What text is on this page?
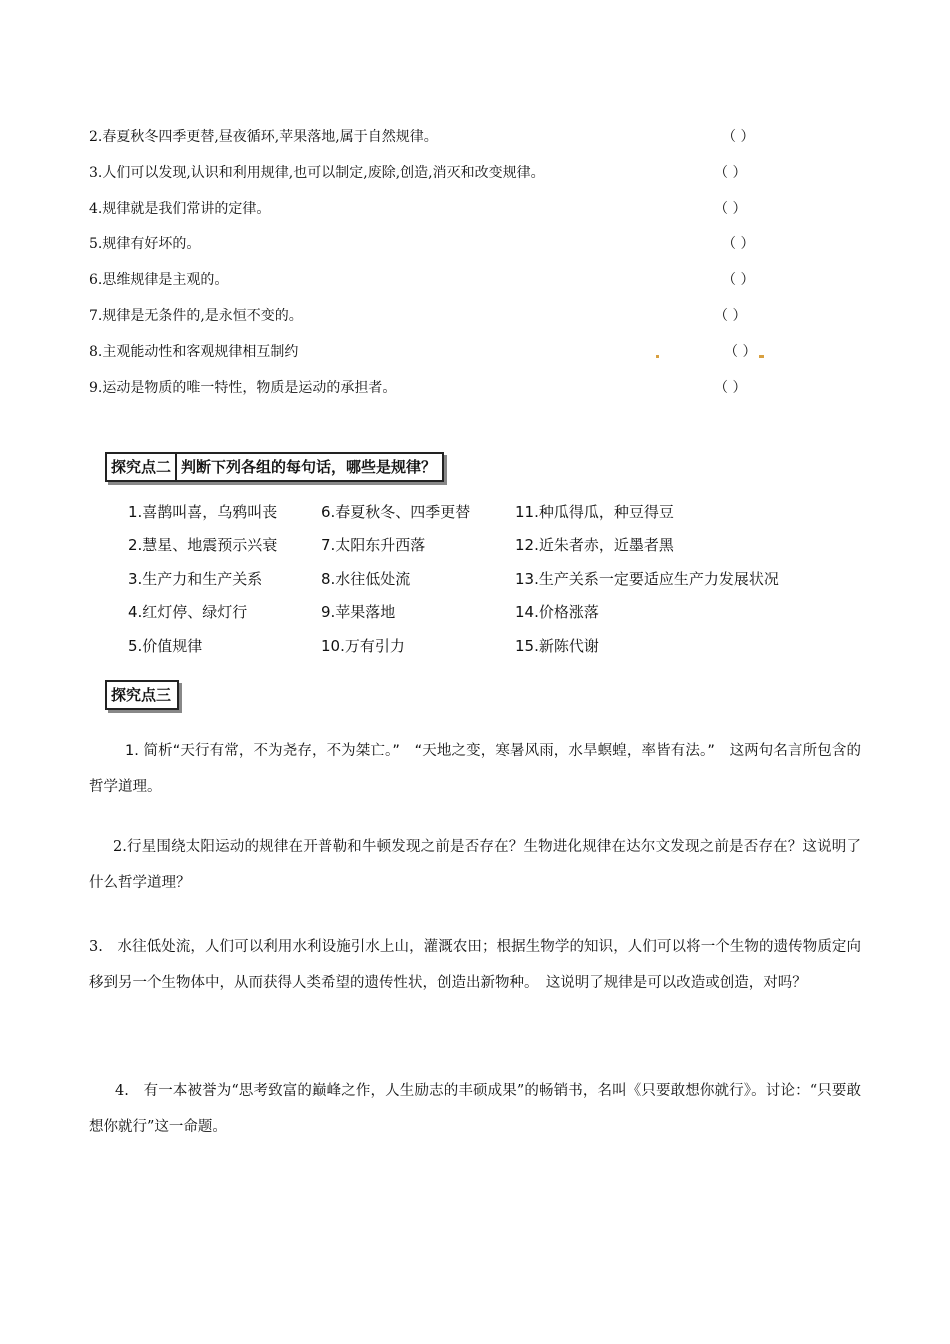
2.春夏秋冬四季更替,昼夜循环,苹果落地,属于自然规律。	（ ）
3.人们可以发现,认识和利用规律,也可以制定,废除,创造,消灭和改变规律。	（ ）
4.规律就是我们常讲的定律。	（ ）
5.规律有好坏的。	（ ）
6.思维规律是主观的。	（ ）
7.规律是无条件的,是永恒不变的。	（ ）
8.主观能动性和客观规律相互制约	（ ）
9.运动是物质的唯一特性，物质是运动的承担者。	（ ）
探究点二 判断下列各组的每句话，哪些是规律？
1.喜鹊叫喜，乌鸦叫丧	6.春夏秋冬、四季更替	11.种瓜得瓜，种豆得豆
2.慧星、地震预示兴衰	7.太阳东升西落	12.近朱者赤，近墨者黑
3.生产力和生产关系	8.水往低处流	13.生产关系一定要适应生产力发展状况
4.红灯停、绿灯行	9.苹果落地	14.价格涨落
5.价值规律	10.万有引力	15.新陈代谢
探究点三
1. 简析“天行有常，不为尧存，不为桀亡。”　“天地之变，寒暑风雨，水旱螟蝗，率皆有法。”　这两句名言所包含的哲学道理。
2.行星围绕太阳运动的规律在开普勒和牛顿发现之前是否存在？生物进化规律在达尔文发现之前是否存在？这说明了什么哲学道理？
3.　水往低处流，人们可以利用水利设施引水上山，灌溉农田；根据生物学的知识，人们可以将一个生物的遗传物质定向移到另一个生物体中，从而获得人类希望的遗传性状，创造出新物种。　这说明了规律是可以改造或创造，对吗？
4.　有一本被誉为“思考致富的巅峰之作，人生励志的丰硕成果”的畅销书，名叫《只要敢想你就行》。讨论：“只要敢想你就行”这一命题。
